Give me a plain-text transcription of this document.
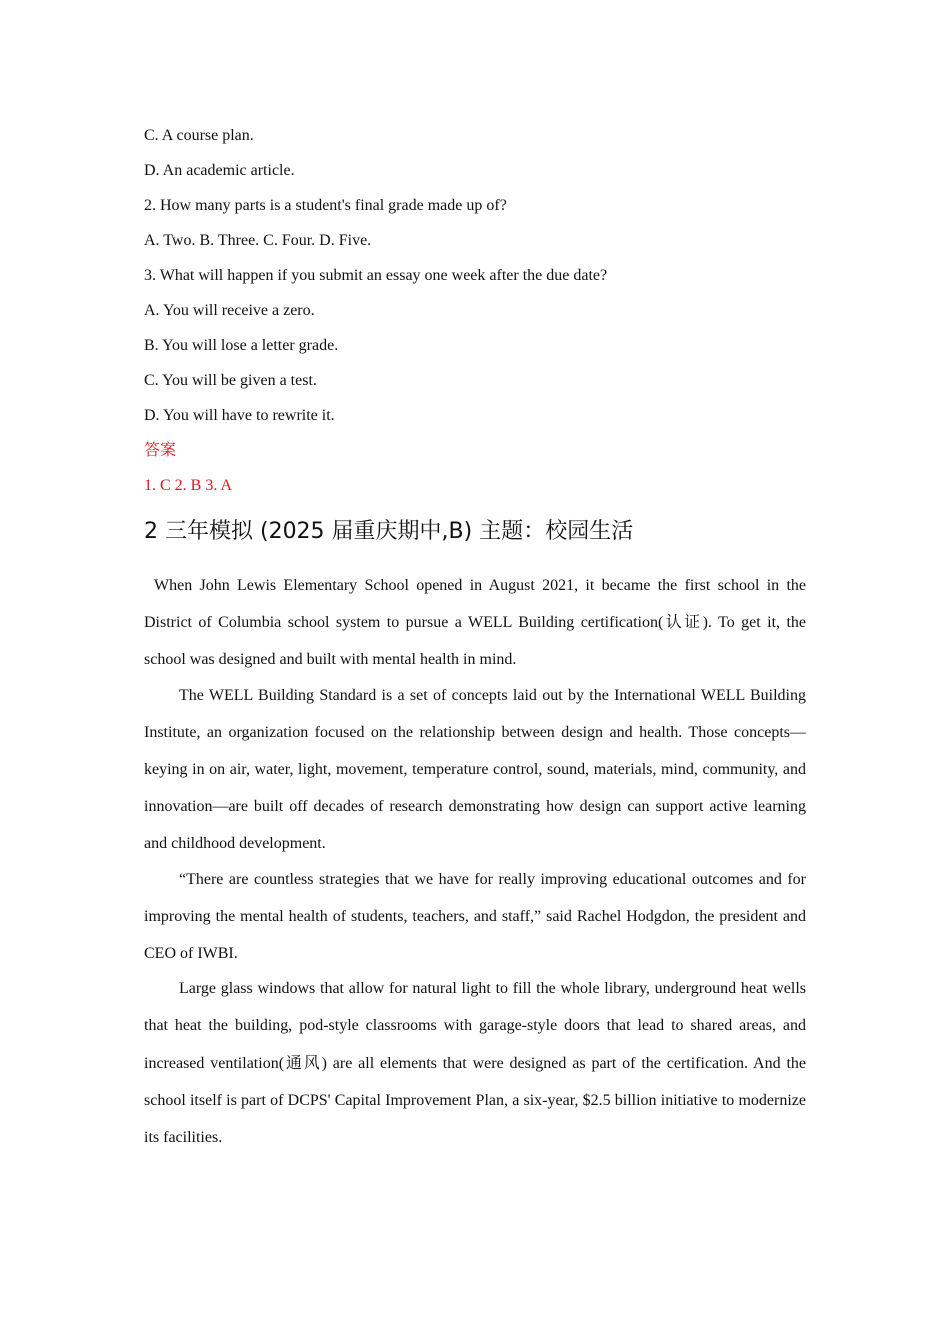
C. A course plan.
D. An academic article.
2. How many parts is a student's final grade made up of?
A. Two. B. Three. C. Four. D. Five.
3. What will happen if you submit an essay one week after the due date?
A. You will receive a zero.
B. You will lose a letter grade.
C. You will be given a test.
D. You will have to rewrite it.
答案
1. C 2. B 3. A
2 三年模拟 (2025 届重庆期中,B) 主题：校园生活

When John Lewis Elementary School opened in August 2021, it became the first school in the District of Columbia school system to pursue a WELL Building certification(认证). To get it, the school was designed and built with mental health in mind.

The WELL Building Standard is a set of concepts laid out by the International WELL Building Institute, an organization focused on the relationship between design and health. Those concepts—keying in on air, water, light, movement, temperature control, sound, materials, mind, community, and innovation—are built off decades of research demonstrating how design can support active learning and childhood development.

“There are countless strategies that we have for really improving educational outcomes and for improving the mental health of students, teachers, and staff,” said Rachel Hodgdon, the president and CEO of IWBI.

Large glass windows that allow for natural light to fill the whole library, underground heat wells that heat the building, pod-style classrooms with garage-style doors that lead to shared areas, and increased ventilation(通风) are all elements that were designed as part of the certification. And the school itself is part of DCPS' Capital Improvement Plan, a six-year, $2.5 billion initiative to modernize its facilities.
